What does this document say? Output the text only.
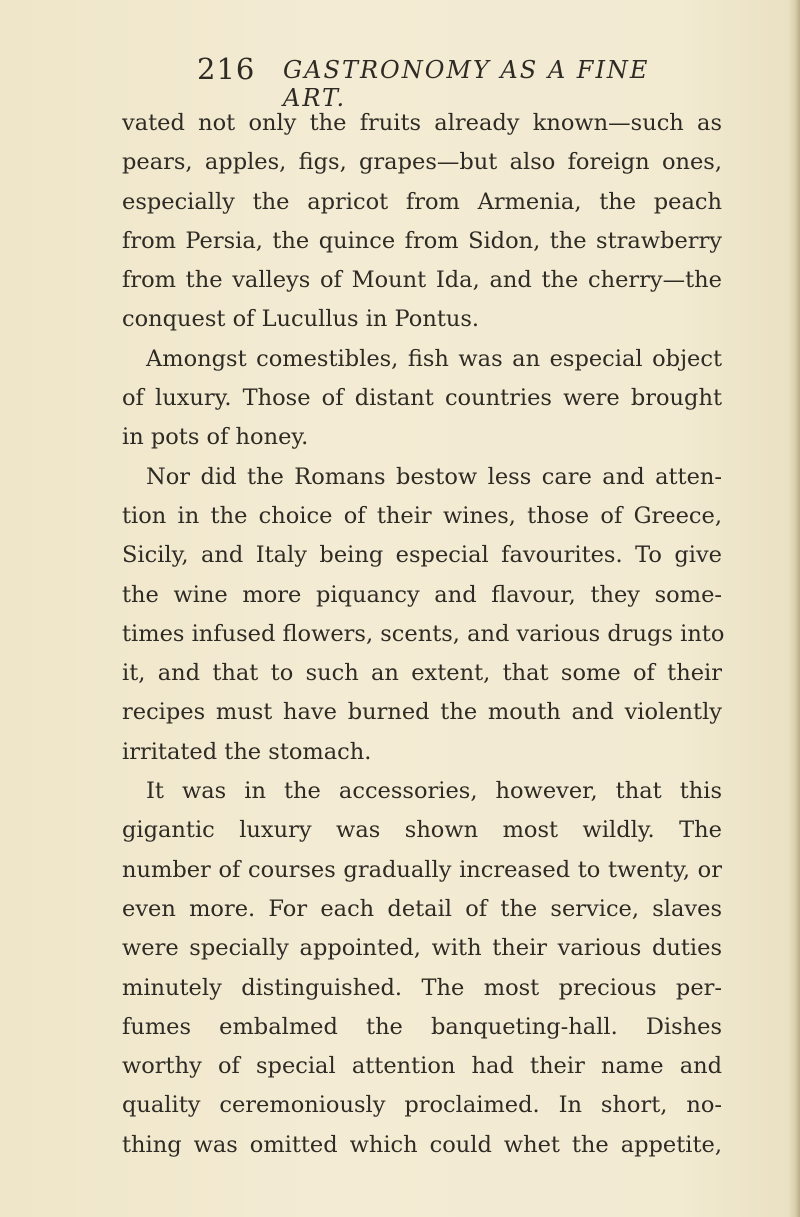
216 GASTRONOMY AS A FINE ART.
vated not only the fruits already known—such as
pears, apples, figs, grapes—but also foreign ones,
especially the apricot from Armenia, the peach
from Persia, the quince from Sidon, the strawberry
from the valleys of Mount Ida, and the cherry—the
conquest of Lucullus in Pontus.
Amongst comestibles, fish was an especial object
of luxury. Those of distant countries were brought
in pots of honey.
Nor did the Romans bestow less care and atten-
tion in the choice of their wines, those of Greece,
Sicily, and Italy being especial favourites. To give
the wine more piquancy and flavour, they some-
times infused flowers, scents, and various drugs into
it, and that to such an extent, that some of their
recipes must have burned the mouth and violently
irritated the stomach.
It was in the accessories, however, that this
gigantic luxury was shown most wildly. The
number of courses gradually increased to twenty, or
even more. For each detail of the service, slaves
were specially appointed, with their various duties
minutely distinguished. The most precious per-
fumes embalmed the banqueting-hall. Dishes
worthy of special attention had their name and
quality ceremoniously proclaimed. In short, no-
thing was omitted which could whet the appetite,
